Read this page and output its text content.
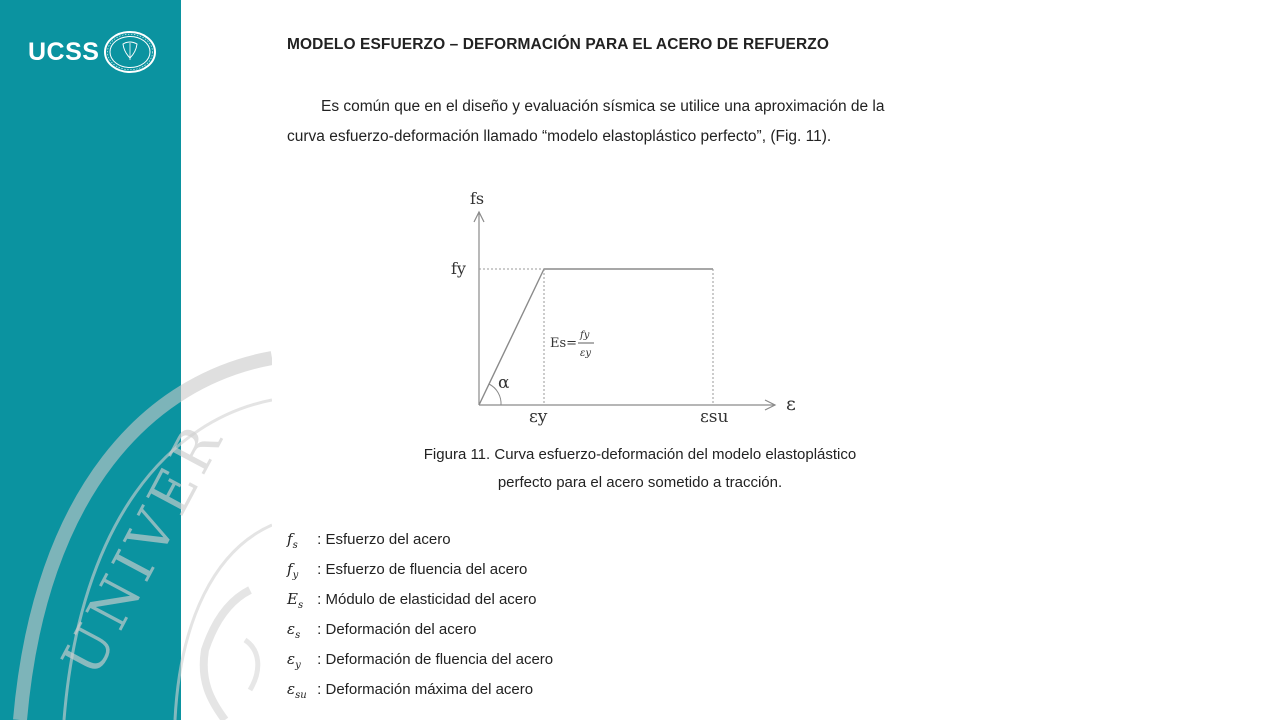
UCSS
UNIVER
MODELO ESFUERZO – DEFORMACIÓN PARA EL ACERO DE REFUERZO
Es común que en el diseño y evaluación sísmica se utilice una aproximación de la
curva esfuerzo-deformación llamado “modelo elastoplástico perfecto”, (Fig. 11).
fs
fy
α
εy	εsu
ε
Es=
fy
εy
Figura 11. Curva esfuerzo-deformación del modelo elastoplástico
perfecto para el acero sometido a tracción.
$f_s$ : Esfuerzo del acero
$f_y$ : Esfuerzo de fluencia del acero
$E_s$ : Módulo de elasticidad del acero
$\varepsilon_s$ : Deformación del acero
$\varepsilon_y$ : Deformación de fluencia del acero
$\varepsilon_{su}$ : Deformación máxima del acero
